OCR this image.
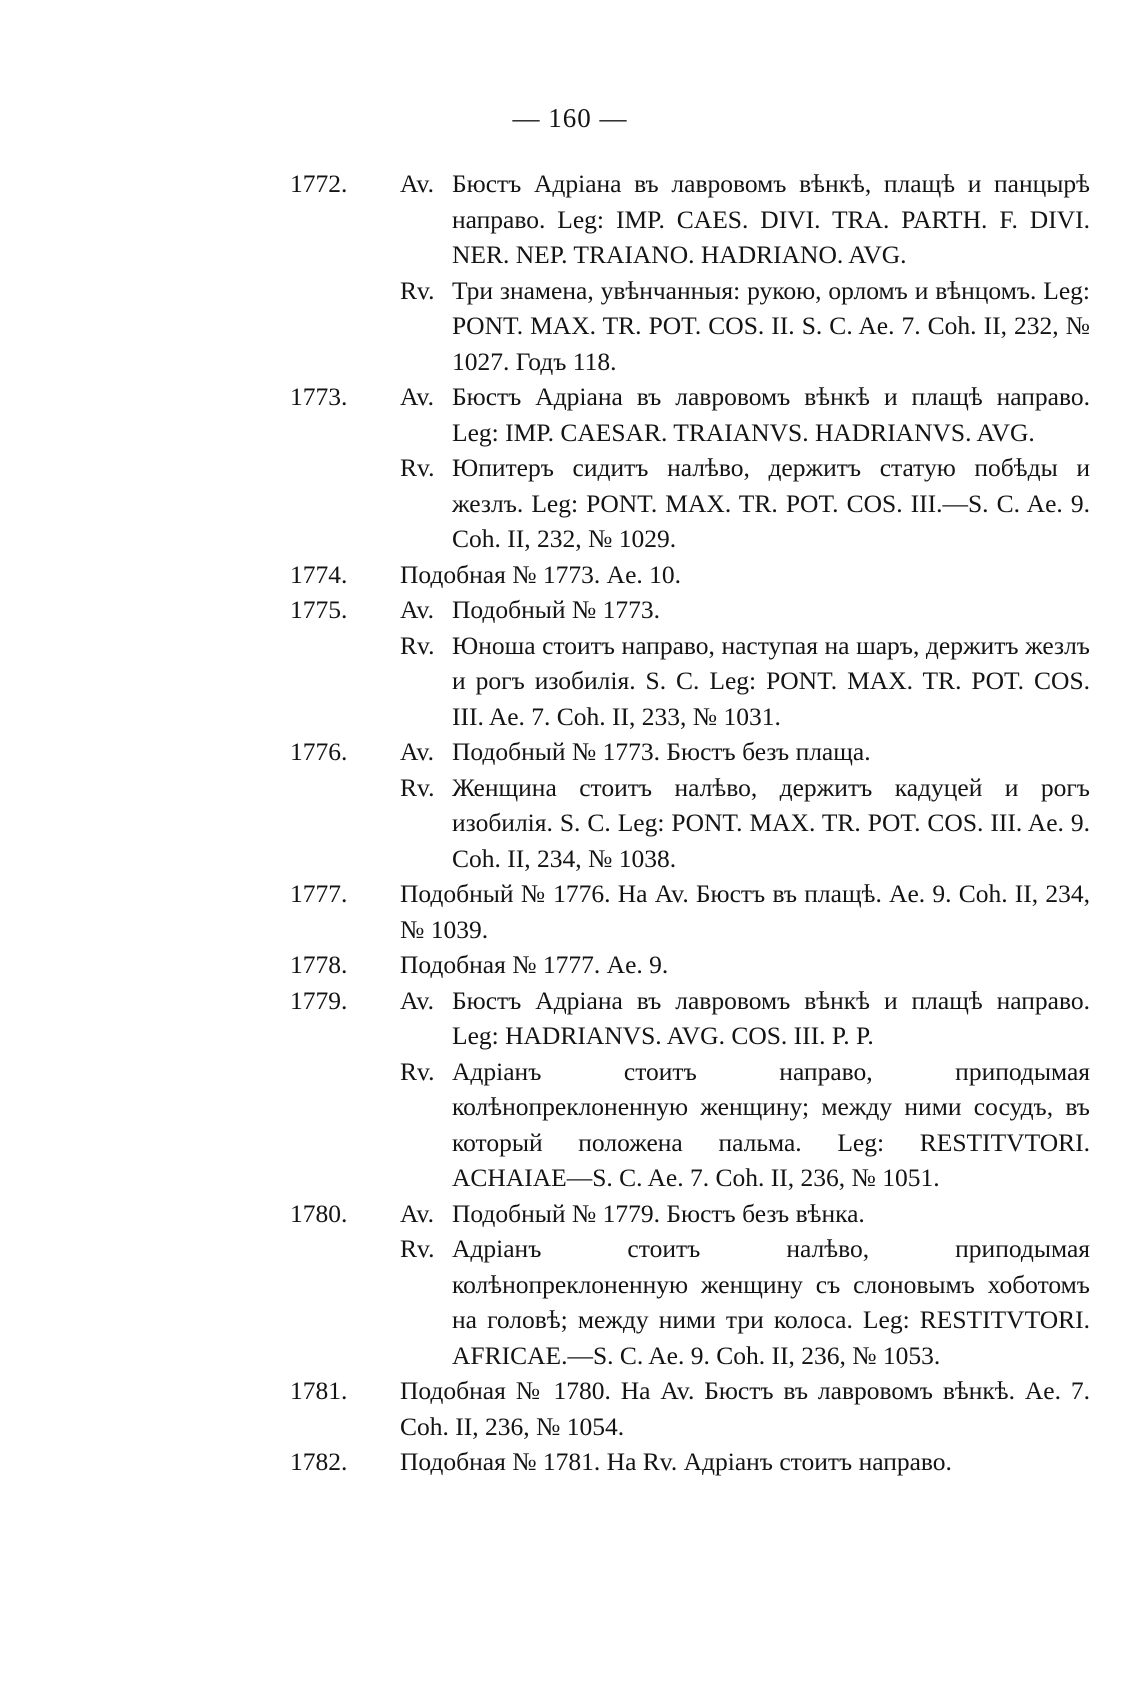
— 160 —
1772.	Av. Бюстъ Адріана въ лавровомъ вѣнкѣ, плащѣ и панцырѣ направо. Leg: IMP. CAES. DIVI. TRA. PARTH. F. DIVI. NER. NEP. TRAIANO. HADRIANO. AVG.

Rv. Три знамена, увѣнчанныя: рукою, орломъ и вѣнцомъ. Leg: PONT. MAX. TR. POT. COS. II. S. C. Ae. 7. Coh. II, 232, № 1027. Годъ 118.

1773.	Av. Бюстъ Адріана въ лавровомъ вѣнкѣ и плащѣ направо. Leg: IMP. CAESAR. TRAIANVS. HADRIANVS. AVG.

Rv. Юпитеръ сидитъ налѣво, держитъ статую побѣды и жезлъ. Leg: PONT. MAX. TR. POT. COS. III.—S. C. Ae. 9. Coh. II, 232, № 1029.

1774.	Подобная № 1773. Ae. 10.

1775.	Av. Подобный № 1773.

Rv. Юноша стоитъ направо, наступая на шаръ, держитъ жезлъ и рогъ изобилія. S. C. Leg: PONT. MAX. TR. POT. COS. III. Ae. 7. Coh. II, 233, № 1031.

1776.	Av. Подобный № 1773. Бюстъ безъ плаща.

Rv. Женщина стоитъ налѣво, держитъ кадуцей и рогъ изобилія. S. C. Leg: PONT. MAX. TR. POT. COS. III. Ae. 9. Coh. II, 234, № 1038.

1777.	Подобный № 1776. На Av. Бюстъ въ плащѣ. Ae. 9. Coh. II, 234, № 1039.

1778.	Подобная № 1777. Ae. 9.

1779.	Av. Бюстъ Адріана въ лавровомъ вѣнкѣ и плащѣ направо. Leg: HADRIANVS. AVG. COS. III. P. P.

Rv. Адріанъ стоитъ направо, приподымая колѣнопреклоненную женщину; между ними сосудъ, въ который положена пальма. Leg: RESTITVTORI. ACHAIAE—S. C. Ae. 7. Coh. II, 236, № 1051.

1780.	Av. Подобный № 1779. Бюстъ безъ вѣнка.

Rv. Адріанъ стоитъ налѣво, приподымая колѣнопреклоненную женщину съ слоновымъ хоботомъ на головѣ; между ними три колоса. Leg: RESTITVTORI. AFRICAE.—S. C. Ae. 9. Coh. II, 236, № 1053.

1781.	Подобная № 1780. На Av. Бюстъ въ лавровомъ вѣнкѣ. Ae. 7. Coh. II, 236, № 1054.

1782.	Подобная № 1781. На Rv. Адріанъ стоитъ направо.
